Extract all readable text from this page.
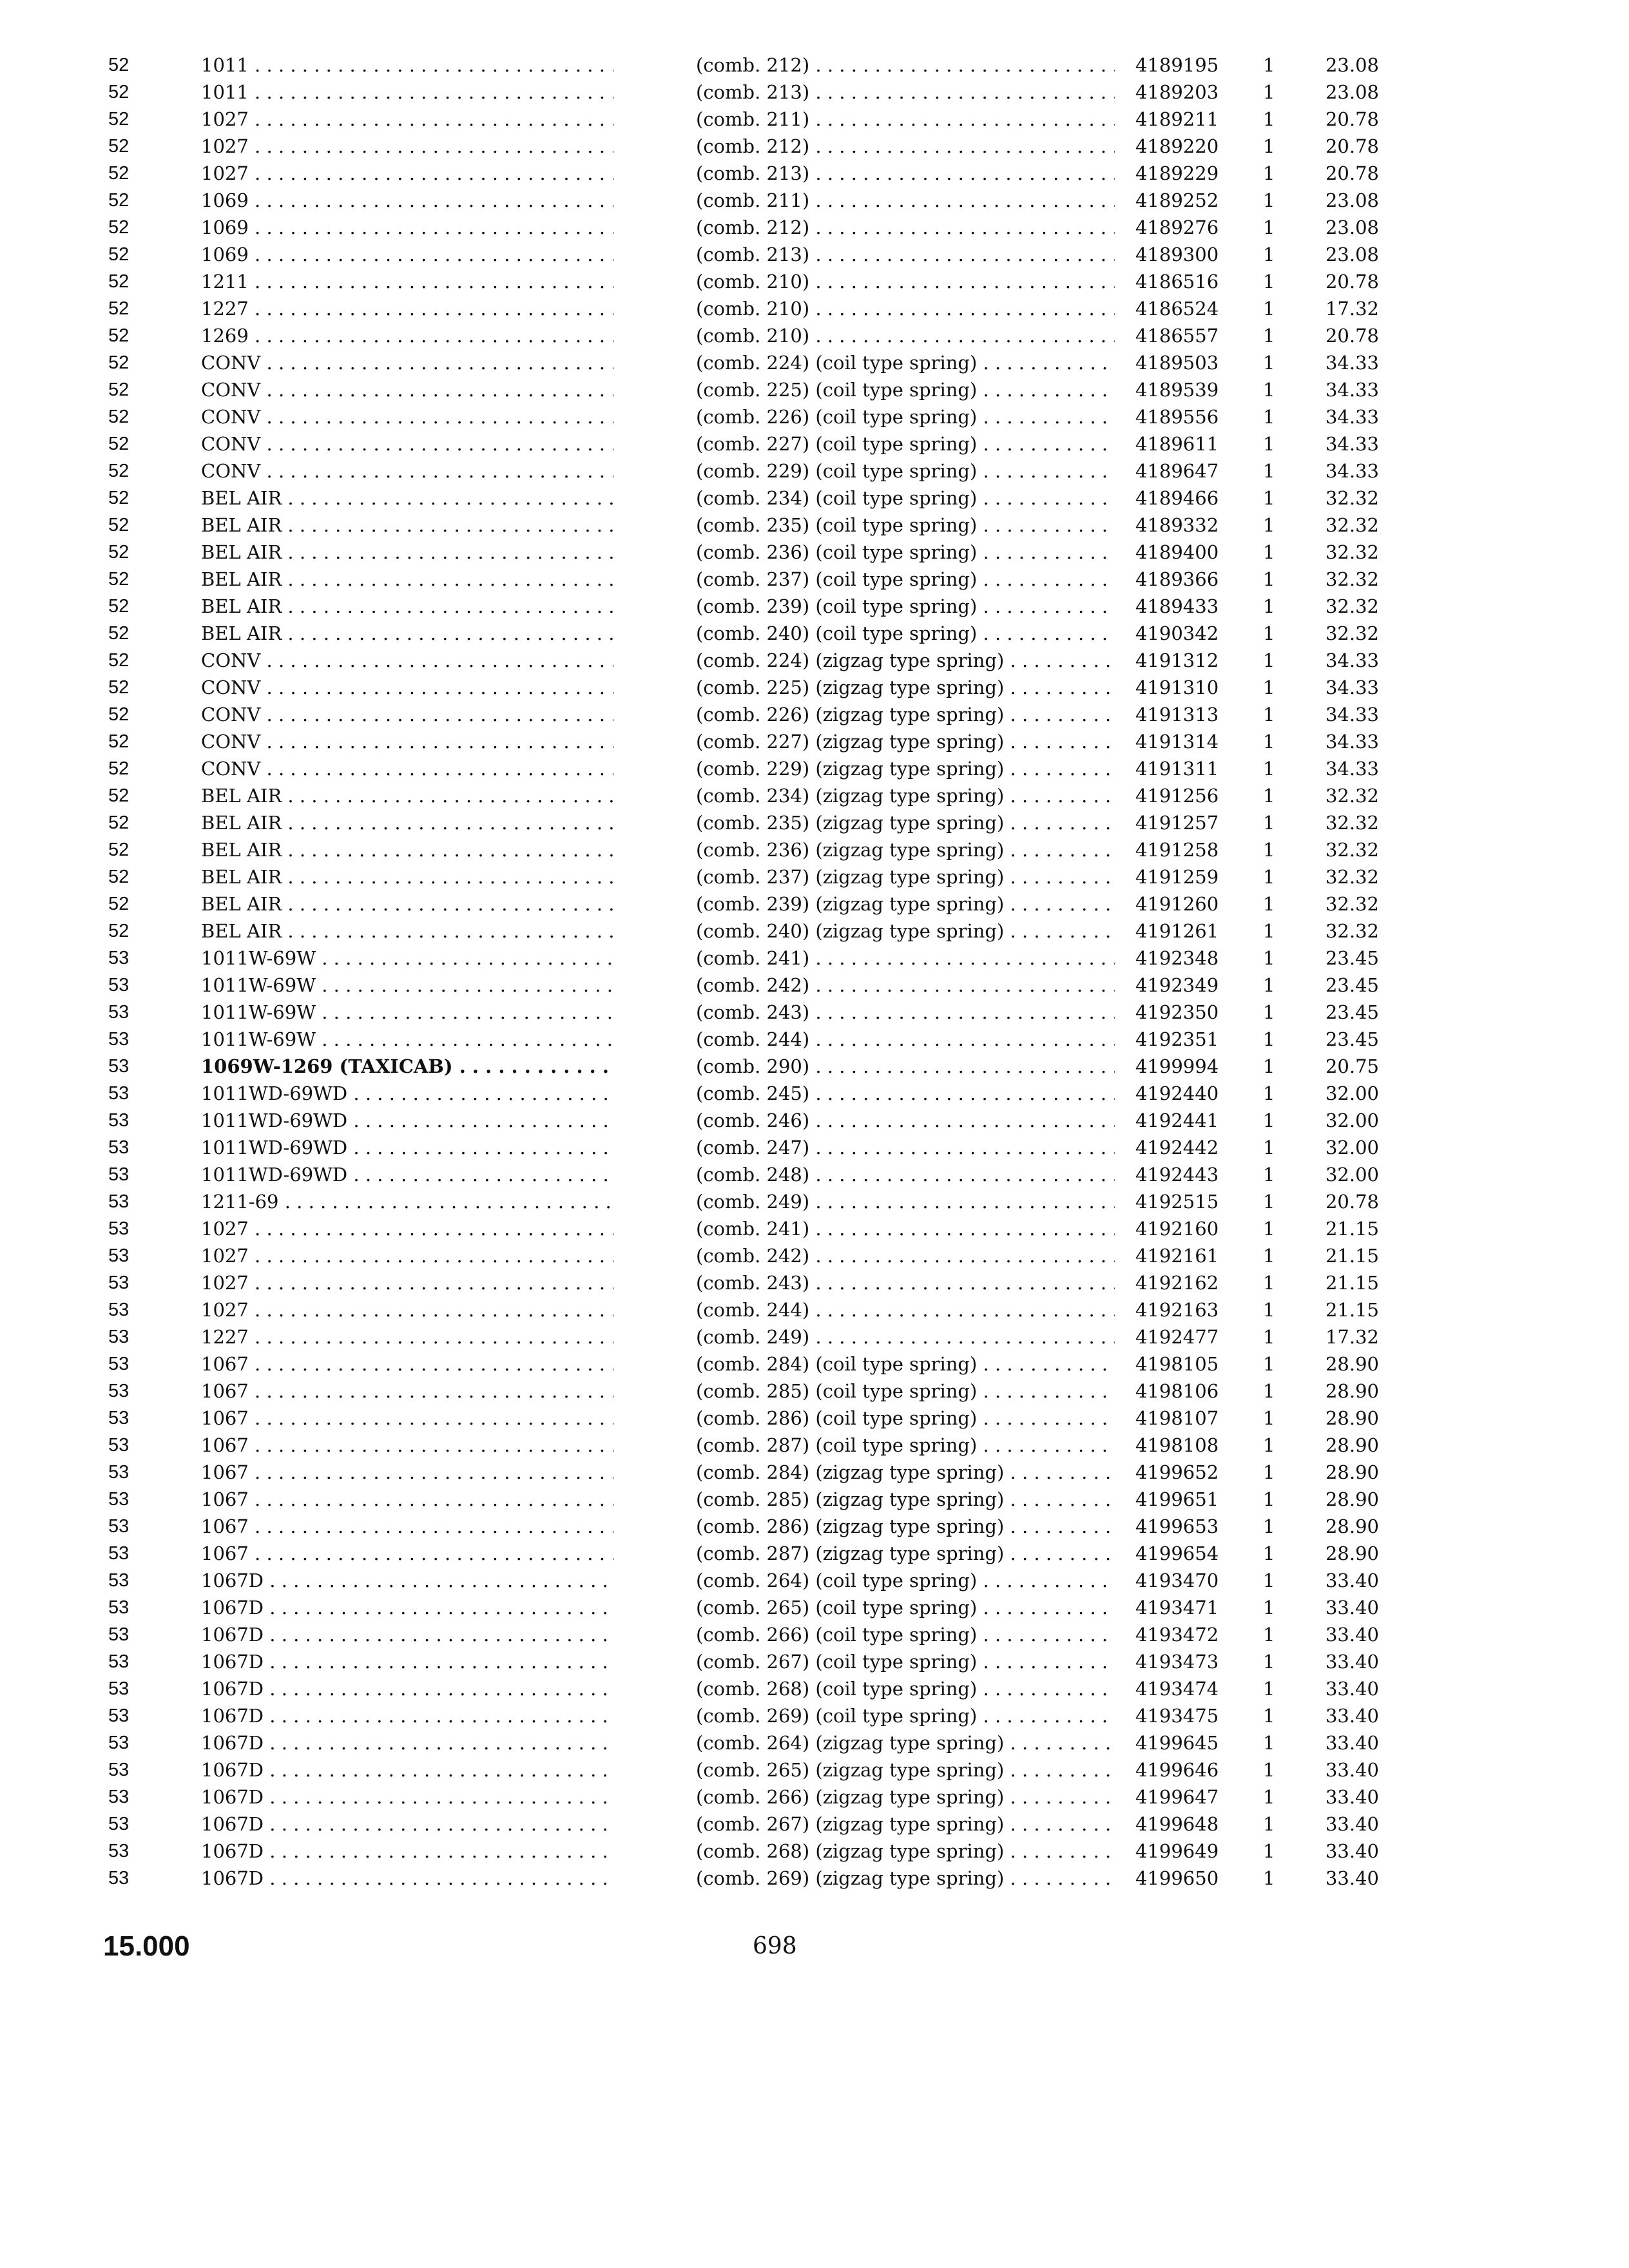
52	1011 . . .	(comb. 212) . . .	4189195	1	23.08
52	1011 . . .	(comb. 213) . . .	4189203	1	23.08
52	1027 . . .	(comb. 211) . . .	4189211	1	20.78
52	1027 . . .	(comb. 212) . . .	4189220	1	20.78
52	1027 . . .	(comb. 213) . . .	4189229	1	20.78
52	1069 . . .	(comb. 211) . . .	4189252	1	23.08
52	1069 . . .	(comb. 212) . . .	4189276	1	23.08
52	1069 . . .	(comb. 213) . . .	4189300	1	23.08
52	1211 . . .	(comb. 210) . . .	4186516	1	20.78
52	1227 . . .	(comb. 210) . . .	4186524	1	17.32
52	1269 . . .	(comb. 210) . . .	4186557	1	20.78
52	CONV . . .	(comb. 224) (coil type spring) . . .	4189503	1	34.33
52	CONV . . .	(comb. 225) (coil type spring) . . .	4189539	1	34.33
52	CONV . . .	(comb. 226) (coil type spring) . . .	4189556	1	34.33
52	CONV . . .	(comb. 227) (coil type spring) . . .	4189611	1	34.33
52	CONV . . .	(comb. 229) (coil type spring) . . .	4189647	1	34.33
52	BEL AIR . . .	(comb. 234) (coil type spring) . . .	4189466	1	32.32
52	BEL AIR . . .	(comb. 235) (coil type spring) . . .	4189332	1	32.32
52	BEL AIR . . .	(comb. 236) (coil type spring) . . .	4189400	1	32.32
52	BEL AIR . . .	(comb. 237) (coil type spring) . . .	4189366	1	32.32
52	BEL AIR . . .	(comb. 239) (coil type spring) . . .	4189433	1	32.32
52	BEL AIR . . .	(comb. 240) (coil type spring) . . .	4190342	1	32.32
52	CONV . . .	(comb. 224) (zigzag type spring) . . .	4191312	1	34.33
52	CONV . . .	(comb. 225) (zigzag type spring) . . .	4191310	1	34.33
52	CONV . . .	(comb. 226) (zigzag type spring) . . .	4191313	1	34.33
52	CONV . . .	(comb. 227) (zigzag type spring) . . .	4191314	1	34.33
52	CONV . . .	(comb. 229) (zigzag type spring) . . .	4191311	1	34.33
52	BEL AIR . . .	(comb. 234) (zigzag type spring) . . .	4191256	1	32.32
52	BEL AIR . . .	(comb. 235) (zigzag type spring) . . .	4191257	1	32.32
52	BEL AIR . . .	(comb. 236) (zigzag type spring) . . .	4191258	1	32.32
52	BEL AIR . . .	(comb. 237) (zigzag type spring) . . .	4191259	1	32.32
52	BEL AIR . . .	(comb. 239) (zigzag type spring) . . .	4191260	1	32.32
52	BEL AIR . . .	(comb. 240) (zigzag type spring) . . .	4191261	1	32.32
53	1011W-69W . . .	(comb. 241) . . .	4192348	1	23.45
53	1011W-69W . . .	(comb. 242) . . .	4192349	1	23.45
53	1011W-69W . . .	(comb. 243) . . .	4192350	1	23.45
53	1011W-69W . . .	(comb. 244) . . .	4192351	1	23.45
53	1069W-1269 (TAXICAB) . . .	(comb. 290) . . .	4199994	1	20.75
53	1011WD-69WD . . .	(comb. 245) . . .	4192440	1	32.00
53	1011WD-69WD . . .	(comb. 246) . . .	4192441	1	32.00
53	1011WD-69WD . . .	(comb. 247) . . .	4192442	1	32.00
53	1011WD-69WD . . .	(comb. 248) . . .	4192443	1	32.00
53	1211-69 . . .	(comb. 249) . . .	4192515	1	20.78
53	1027 . . .	(comb. 241) . . .	4192160	1	21.15
53	1027 . . .	(comb. 242) . . .	4192161	1	21.15
53	1027 . . .	(comb. 243) . . .	4192162	1	21.15
53	1027 . . .	(comb. 244) . . .	4192163	1	21.15
53	1227 . . .	(comb. 249) . . .	4192477	1	17.32
53	1067 . . .	(comb. 284) (coil type spring) . . .	4198105	1	28.90
53	1067 . . .	(comb. 285) (coil type spring) . . .	4198106	1	28.90
53	1067 . . .	(comb. 286) (coil type spring) . . .	4198107	1	28.90
53	1067 . . .	(comb. 287) (coil type spring) . . .	4198108	1	28.90
53	1067 . . .	(comb. 284) (zigzag type spring) . . .	4199652	1	28.90
53	1067 . . .	(comb. 285) (zigzag type spring) . . .	4199651	1	28.90
53	1067 . . .	(comb. 286) (zigzag type spring) . . .	4199653	1	28.90
53	1067 . . .	(comb. 287) (zigzag type spring) . . .	4199654	1	28.90
53	1067D . . .	(comb. 264) (coil type spring) . . .	4193470	1	33.40
53	1067D . . .	(comb. 265) (coil type spring) . . .	4193471	1	33.40
53	1067D . . .	(comb. 266) (coil type spring) . . .	4193472	1	33.40
53	1067D . . .	(comb. 267) (coil type spring) . . .	4193473	1	33.40
53	1067D . . .	(comb. 268) (coil type spring) . . .	4193474	1	33.40
53	1067D . . .	(comb. 269) (coil type spring) . . .	4193475	1	33.40
53	1067D . . .	(comb. 264) (zigzag type spring) . . .	4199645	1	33.40
53	1067D . . .	(comb. 265) (zigzag type spring) . . .	4199646	1	33.40
53	1067D . . .	(comb. 266) (zigzag type spring) . . .	4199647	1	33.40
53	1067D . . .	(comb. 267) (zigzag type spring) . . .	4199648	1	33.40
53	1067D . . .	(comb. 268) (zigzag type spring) . . .	4199649	1	33.40
53	1067D . . .	(comb. 269) (zigzag type spring) . . .	4199650	1	33.40
15.000	698
